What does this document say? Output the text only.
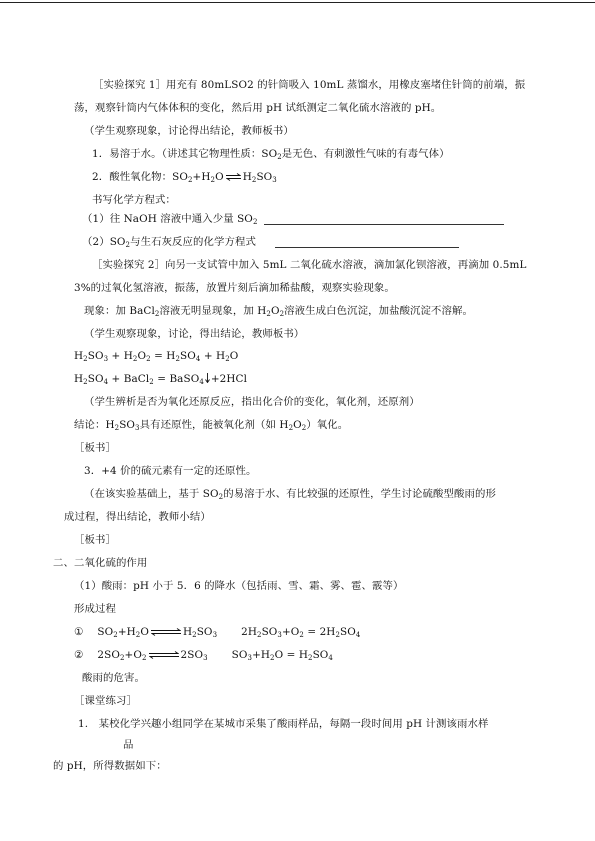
［实验探究 1］用充有 80mLSO2 的针筒吸入 10mL 蒸馏水，用橡皮塞堵住针筒的前端，振
荡，观察针筒内气体体积的变化，然后用 pH 试纸测定二氧化硫水溶液的 pH。
（学生观察现象，讨论得出结论，教师板书）
1．易溶于水。（讲述其它物理性质：$SO_2$是无色、有刺激性气味的有毒气体）
2．酸性氧化物：$SO_2+H_2O$ ⇌ $H_2SO_3$
书写化学方程式：
（1）往 NaOH 溶液中通入少量 $SO_2$
$(2)SO_2$与生石灰反应的化学方程式
［实验探究 2］向另一支试管中加入 5mL 二氧化硫水溶液，滴加氯化钡溶液，再滴加 0.5mL
3%的过氧化氢溶液，振荡，放置片刻后滴加稀盐酸，观察实验现象。
现象：加 BaCl$_2$溶液无明显现象，加 $H_2O_2$溶液生成白色沉淀，加盐酸沉淀不溶解。
（学生观察现象，讨论，得出结论，教师板书）
$H_2SO_3 + H_2O_2 = H_2SO_4 + H_2O$
$H_2SO_4$ + BaCl$_2$ = BaSO$_4$ +2HCl
（学生辨析是否为氧化还原反应，指出化合价的变化，氧化剂，还原剂）
结论：$H_2SO_3$具有还原性，能被氧化剂（如 $H_2O_2$）氧化。
［板书］
3．+4 价的硫元素有一定的还原性。
（在该实验基础上，基于 $SO_2$的易溶于水、有比较强的还原性，学生讨论硫酸型酸雨的形
成过程，得出结论，教师小结）
［板书］
二、二氧化硫的作用
（1）酸雨：pH 小于 5．6 的降水（包括雨、雪、霜、雾、雹、霰等）
形成过程
① $SO_2+H_2O$ ⇌ $H_2SO_3$ $2H_2SO_3+O_2 = 2H_2SO_4$
② $2SO_2+O_2$ ⇌ $2SO_3$ $SO_3+H_2O = H_2SO_4$
酸雨的危害。
［课堂练习］
1.　某校化学兴趣小组同学在某城市采集了酸雨样品，每隔一段时间用 pH 计测该雨水样
品
的 pH，所得数据如下：
